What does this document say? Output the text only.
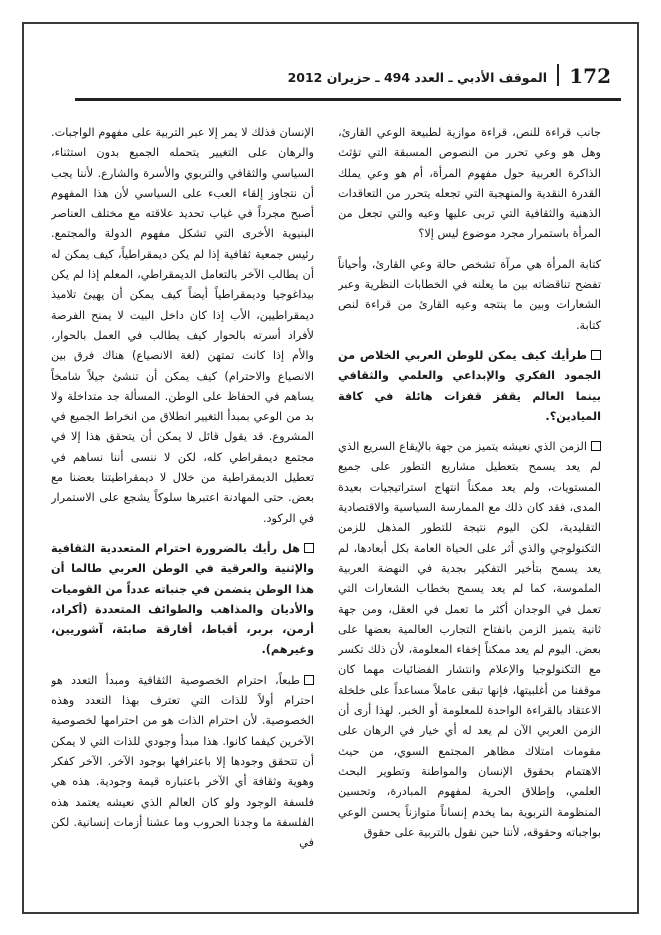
172
الموقف الأدبي ـ العدد 494 ـ حزيران 2012

جانب قراءة للنص، قراءة موازية لطبيعة الوعي القارئ، وهل هو وعي تحرر من النصوص المسبقة التي تؤثث الذاكرة العربية حول مفهوم المرأة، أم هو وعي يملك القدرة النقدية والمنهجية التي تجعله يتحرر من التعاقدات الذهنية والثقافية التي تربى عليها وعيه والتي تجعل من المرأة باستمرار مجرد موضوع ليس إلا؟

كتابة المرأة هي مرآة تشخص حالة وعي القارئ، وأحياناً تفضح تناقضاته بين ما يعلنه في الخطابات النظرية وعبر الشعارات وبين ما ينتجه وعيه القارئ من قراءة لنص كتابة.

طرأيك كيف يمكن للوطن العربي الخلاص من الجمود الفكري والإبداعي والعلمي والثقافي بينما العالم يقفز قفزات هائلة في كافة الميادين؟.

الزمن الذي نعيشه يتميز من جهة بالإيقاع السريع الذي لم يعد يسمح بتعطيل مشاريع التطور على جميع المستويات، ولم يعد ممكناً انتهاج استراتيجيات بعيدة المدى، فقد كان ذلك مع الممارسة السياسية والاقتصادية التقليدية، لكن اليوم نتيجة للتطور المذهل للزمن التكنولوجي والذي أثر على الحياة العامة بكل أبعادها، لم يعد يسمح بتأخير التفكير بجدية في النهضة العربية الملموسة، كما لم يعد يسمح بخطاب الشعارات التي تعمل في الوجدان أكثر ما تعمل في العقل، ومن جهة ثانية يتميز الزمن بانفتاح التجارب العالمية بعضها على بعض. اليوم لم يعد ممكناً إخفاء المعلومة، لأن ذلك تكسر مع التكنولوجيا والإعلام وانتشار الفضائيات مهما كان موقفنا من أغلبيتها، فإنها تبقى عاملاً مساعداً على خلخلة الاعتقاد بالقراءة الواحدة للمعلومة أو الخبر. لهذا أرى أن الزمن العربي الآن لم يعد له أي خيار في الرهان على مقومات امتلاك مظاهر المجتمع السوي، من حيث الاهتمام بحقوق الإنسان والمواطنة وتطوير البحث العلمي، وإطلاق الحرية لمفهوم المبادرة، وتحسين المنظومة التربوية بما يخدم إنساناً متوازناً يحسن الوعي بواجباته وحقوقه، لأننا حين نقول بالتربية على حقوق

الإنسان فذلك لا يمر إلا عبر التربية على مفهوم الواجبات. والرهان على التغيير يتحمله الجميع بدون استثناء، السياسي والثقافي والتربوي والأسرة والشارع. لأننا يجب أن نتجاوز إلقاء العبء على السياسي لأن هذا المفهوم أصبح مجرداً في غياب تحديد علاقته مع مختلف العناصر البنيوية الأخرى التي تشكل مفهوم الدولة والمجتمع. رئيس جمعية ثقافية إذا لم يكن ديمقراطياً، كيف يمكن له أن يطالب الآخر بالتعامل الديمقراطي، المعلم إذا لم يكن بيداغوجيا وديمقراطياً أيضاً كيف يمكن أن يهيئ تلاميذ ديمقراطيين، الأب إذا كان داخل البيت لا يمنح الفرصة لأفراد أسرته بالحوار كيف يطالب في العمل بالحوار، والأم إذا كانت تمتهن (لغة الانصياع) هناك فرق بين الانصياع والاحترام) كيف يمكن أن تنشئ جيلاً شامخاً يساهم في الحفاظ على الوطن. المسألة جد متداخلة ولا بد من الوعي بمبدأ التغيير انطلاق من انخراط الجميع في المشروع. قد يقول قائل لا يمكن أن يتحقق هذا إلا في مجتمع ديمقراطي كله، لكن لا ننسى أننا نساهم في تعطيل الديمقراطية من خلال لا ديمقراطيتنا بعضنا مع بعض. حتى المهادنة اعتبرها سلوكاً يشجع على الاستمرار في الركود.

هل رأيك بالضرورة احترام المتعددية الثقافية والإثنية والعرقية في الوطن العربي طالما أن هذا الوطن يتضمن في جنباته عدداً من القوميات والأديان والمذاهب والطوائف المتعددة (أكراد، أرمن، بربر، أقباط، أفارقة صابئة، آشوريين، وغيرهم).

طبعاً، احترام الخصوصية الثقافية ومبدأ التعدد هو احترام أولاً للذات التي تعترف بهذا التعدد وهذه الخصوصية. لأن احترام الذات هو من احترامها لخصوصية الآخرين كيفما كانوا. هذا مبدأ وجودي للذات التي لا يمكن أن تتحقق وجودها إلا باعترافها بوجود الآخر. الآخر كفكر وهوية وثقافة أي الآخر باعتباره قيمة وجودية. هذه هي فلسفة الوجود ولو كان العالم الذي نعيشه يعتمد هذه الفلسفة ما وجدنا الحروب وما عشنا أزمات إنسانية. لكن في
